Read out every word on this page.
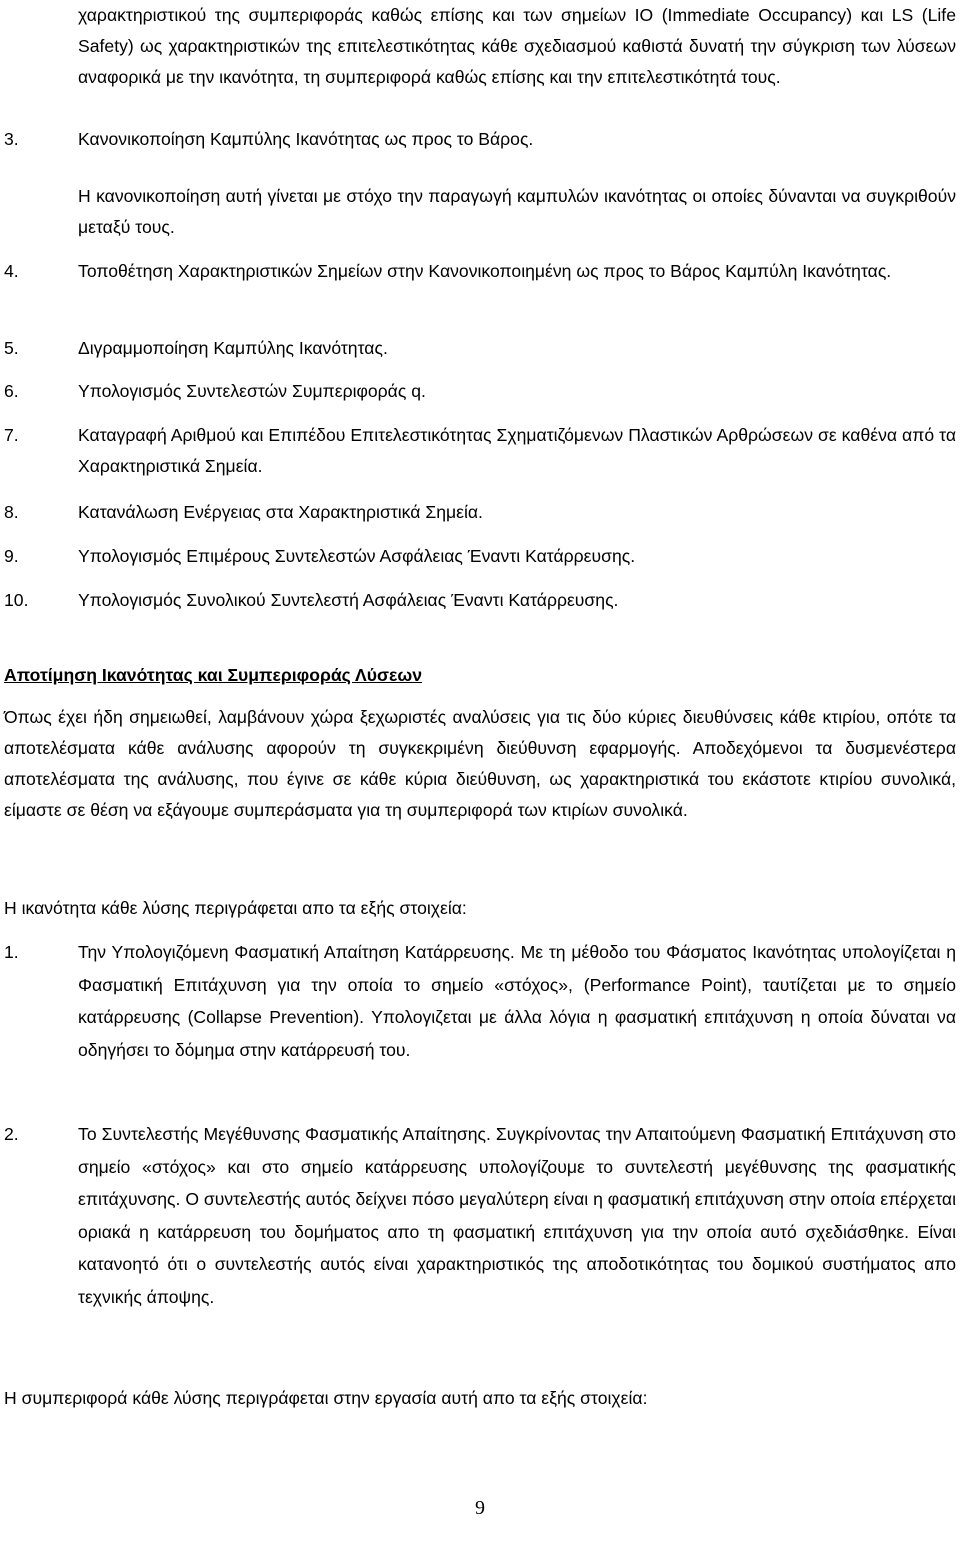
χαρακτηριστικού της συμπεριφοράς καθώς επίσης και των σημείων IO (Immediate Occupancy) και LS (Life Safety) ως χαρακτηριστικών της επιτελεστικότητας κάθε σχεδιασμού καθιστά δυνατή την σύγκριση των λύσεων αναφορικά με την ικανότητα, τη συμπεριφορά καθώς επίσης και την επιτελεστικότητά τους.
3.	Κανονικοποίηση Καμπύλης Ικανότητας ως προς το Βάρος.
Η κανονικοποίηση αυτή γίνεται με στόχο την παραγωγή καμπυλών ικανότητας οι οποίες δύνανται να συγκριθούν μεταξύ τους.
4.	Τοποθέτηση Χαρακτηριστικών Σημείων στην Κανονικοποιημένη ως προς το Βάρος Καμπύλη Ικανότητας.
5.	Διγραμμοποίηση Καμπύλης Ικανότητας.
6.	Υπολογισμός Συντελεστών Συμπεριφοράς q.
7.	Καταγραφή Αριθμού και Επιπέδου Επιτελεστικότητας Σχηματιζόμενων Πλαστικών Αρθρώσεων σε καθένα από τα Χαρακτηριστικά Σημεία.
8.	Κατανάλωση Ενέργειας στα Χαρακτηριστικά Σημεία.
9.	Υπολογισμός Επιμέρους Συντελεστών Ασφάλειας Έναντι Κατάρρευσης.
10.	Υπολογισμός Συνολικού Συντελεστή Ασφάλειας Έναντι Κατάρρευσης.
Αποτίμηση Ικανότητας και Συμπεριφοράς Λύσεων
Όπως έχει ήδη σημειωθεί, λαμβάνουν χώρα ξεχωριστές αναλύσεις για τις δύο κύριες διευθύνσεις κάθε κτιρίου, οπότε τα αποτελέσματα κάθε ανάλυσης αφορούν τη συγκεκριμένη διεύθυνση εφαρμογής. Αποδεχόμενοι τα δυσμενέστερα αποτελέσματα της ανάλυσης, που έγινε σε κάθε κύρια διεύθυνση, ως χαρακτηριστικά του εκάστοτε κτιρίου συνολικά, είμαστε σε θέση να εξάγουμε συμπεράσματα για τη συμπεριφορά των κτιρίων συνολικά.
Η ικανότητα κάθε λύσης περιγράφεται απο τα εξής στοιχεία:
1.	Την Υπολογιζόμενη Φασματική Απαίτηση Κατάρρευσης. Με τη μέθοδο του Φάσματος Ικανότητας υπολογίζεται η Φασματική Επιτάχυνση για την οποία το σημείο «στόχος», (Performance Point), ταυτίζεται με το σημείο κατάρρευσης (Collapse Prevention). Υπολογιζεται με άλλα λόγια η φασματική επιτάχυνση η οποία δύναται να οδηγήσει το δόμημα στην κατάρρευσή του.
2.	Το Συντελεστής Μεγέθυνσης Φασματικής Απαίτησης. Συγκρίνοντας την Απαιτούμενη Φασματική Επιτάχυνση στο σημείο «στόχος» και στο σημείο κατάρρευσης υπολογίζουμε το συντελεστή μεγέθυνσης της φασματικής επιτάχυνσης. Ο συντελεστής αυτός δείχνει πόσο μεγαλύτερη είναι η φασματική επιτάχυνση στην οποία επέρχεται οριακά η κατάρρευση του δομήματος απο τη φασματική επιτάχυνση για την οποία αυτό σχεδιάσθηκε. Είναι κατανοητό ότι ο συντελεστής αυτός είναι χαρακτηριστικός της αποδοτικότητας του δομικού συστήματος απο τεχνικής άποψης.
Η συμπεριφορά κάθε λύσης περιγράφεται στην εργασία αυτή απο τα εξής στοιχεία:
9
